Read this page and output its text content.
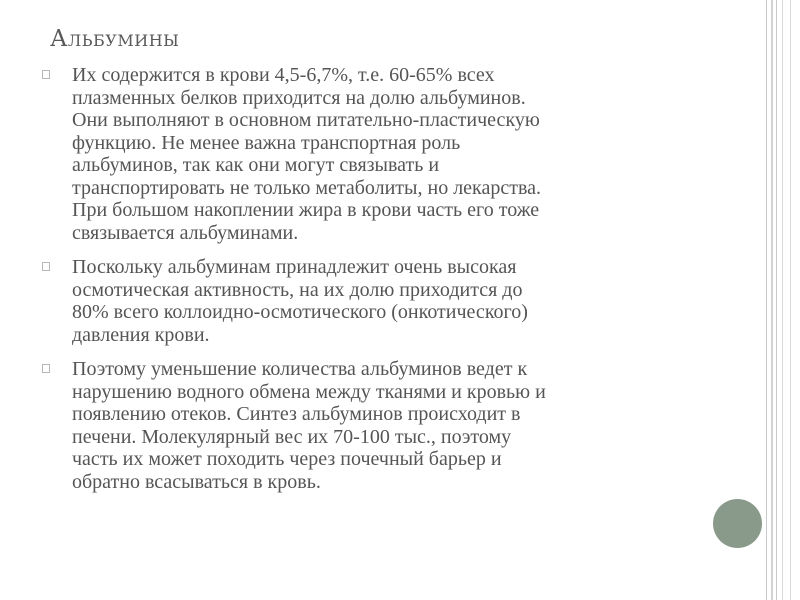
Альбумины

Их содержится в крови 4,5-6,7%, т.е. 60-65% всех
плазменных белков приходится на долю альбуминов.
Они выполняют в основном питательно-пластическую
функцию. Не менее важна транспортная роль
альбуминов, так как они могут связывать и
транспортировать не только метаболиты, но лекарства.
При большом накоплении жира в крови часть его тоже
связывается альбуминами.

Поскольку альбуминам принадлежит очень высокая
осмотическая активность, на их долю приходится до
80% всего коллоидно-осмотического (онкотического)
давления крови.

Поэтому уменьшение количества альбуминов ведет к
нарушению водного обмена между тканями и кровью и
появлению отеков. Синтез альбуминов происходит в
печени. Молекулярный вес их 70-100 тыс., поэтому
часть их может походить через почечный барьер и
обратно всасываться в кровь.
